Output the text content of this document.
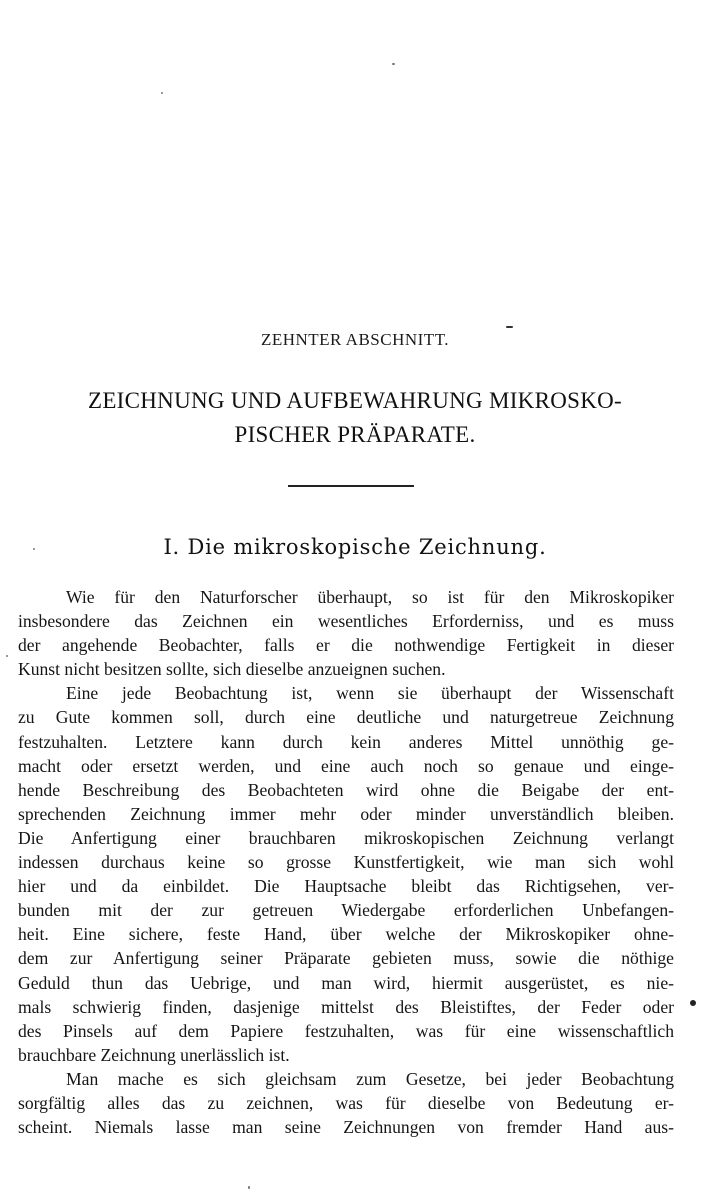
ZEHNTER ABSCHNITT.
ZEICHNUNG UND AUFBEWAHRUNG MIKROSKO-
PISCHER PRÄPARATE.
I. Die mikroskopische Zeichnung.
Wie für den Naturforscher überhaupt, so ist für den Mikroskopiker
insbesondere das Zeichnen ein wesentliches Erforderniss, und es muss
der angehende Beobachter, falls er die nothwendige Fertigkeit in dieser
Kunst nicht besitzen sollte, sich dieselbe anzueignen suchen.
Eine jede Beobachtung ist, wenn sie überhaupt der Wissenschaft
zu Gute kommen soll, durch eine deutliche und naturgetreue Zeichnung
festzuhalten. Letztere kann durch kein anderes Mittel unnöthig ge-
macht oder ersetzt werden, und eine auch noch so genaue und einge-
hende Beschreibung des Beobachteten wird ohne die Beigabe der ent-
sprechenden Zeichnung immer mehr oder minder unverständlich bleiben.
Die Anfertigung einer brauchbaren mikroskopischen Zeichnung verlangt
indessen durchaus keine so grosse Kunstfertigkeit, wie man sich wohl
hier und da einbildet. Die Hauptsache bleibt das Richtigsehen, ver-
bunden mit der zur getreuen Wiedergabe erforderlichen Unbefangen-
heit. Eine sichere, feste Hand, über welche der Mikroskopiker ohne-
dem zur Anfertigung seiner Präparate gebieten muss, sowie die nöthige
Geduld thun das Uebrige, und man wird, hiermit ausgerüstet, es nie-
mals schwierig finden, dasjenige mittelst des Bleistiftes, der Feder oder
des Pinsels auf dem Papiere festzuhalten, was für eine wissenschaftlich
brauchbare Zeichnung unerlässlich ist.
Man mache es sich gleichsam zum Gesetze, bei jeder Beobachtung
sorgfältig alles das zu zeichnen, was für dieselbe von Bedeutung er-
scheint. Niemals lasse man seine Zeichnungen von fremder Hand aus-
